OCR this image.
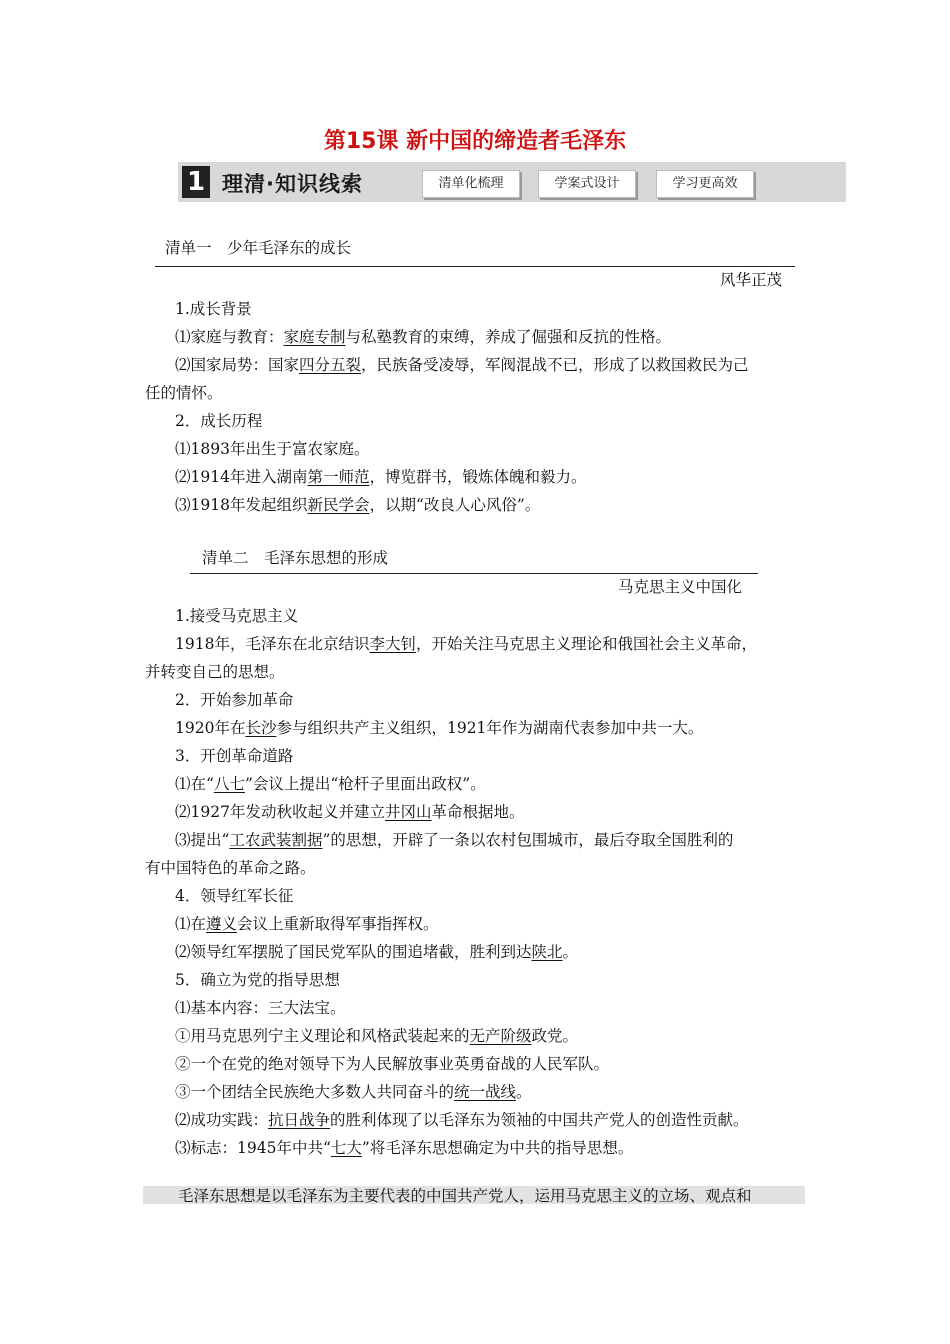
第15课 新中国的缔造者毛泽东
1 理清·知识线索	清单化梳理	学案式设计	学习更高效
清单一　少年毛泽东的成长
风华正茂
1.成长背景
⑴家庭与教育：家庭专制与私塾教育的束缚，养成了倔强和反抗的性格。
⑵国家局势：国家四分五裂，民族备受凌辱，军阀混战不已，形成了以救国救民为己
任的情怀。
2．成长历程
⑴1893年出生于富农家庭。
⑵1914年进入湖南第一师范，博览群书，锻炼体魄和毅力。
⑶1918年发起组织新民学会，以期“改良人心风俗”。
清单二　毛泽东思想的形成
马克思主义中国化
1.接受马克思主义
1918年，毛泽东在北京结识李大钊，开始关注马克思主义理论和俄国社会主义革命，
并转变自己的思想。
2．开始参加革命
1920年在长沙参与组织共产主义组织，1921年作为湖南代表参加中共一大。
3．开创革命道路
⑴在“八七”会议上提出“枪杆子里面出政权”。
⑵1927年发动秋收起义并建立井冈山革命根据地。
⑶提出“工农武装割据”的思想，开辟了一条以农村包围城市，最后夺取全国胜利的
有中国特色的革命之路。
4．领导红军长征
⑴在遵义会议上重新取得军事指挥权。
⑵领导红军摆脱了国民党军队的围追堵截，胜利到达陕北。
5．确立为党的指导思想
⑴基本内容：三大法宝。
①用马克思列宁主义理论和风格武装起来的无产阶级政党。
②一个在党的绝对领导下为人民解放事业英勇奋战的人民军队。
③一个团结全民族绝大多数人共同奋斗的统一战线。
⑵成功实践：抗日战争的胜利体现了以毛泽东为领袖的中国共产党人的创造性贡献。
⑶标志：1945年中共“七大”将毛泽东思想确定为中共的指导思想。
毛泽东思想是以毛泽东为主要代表的中国共产党人，运用马克思主义的立场、观点和
